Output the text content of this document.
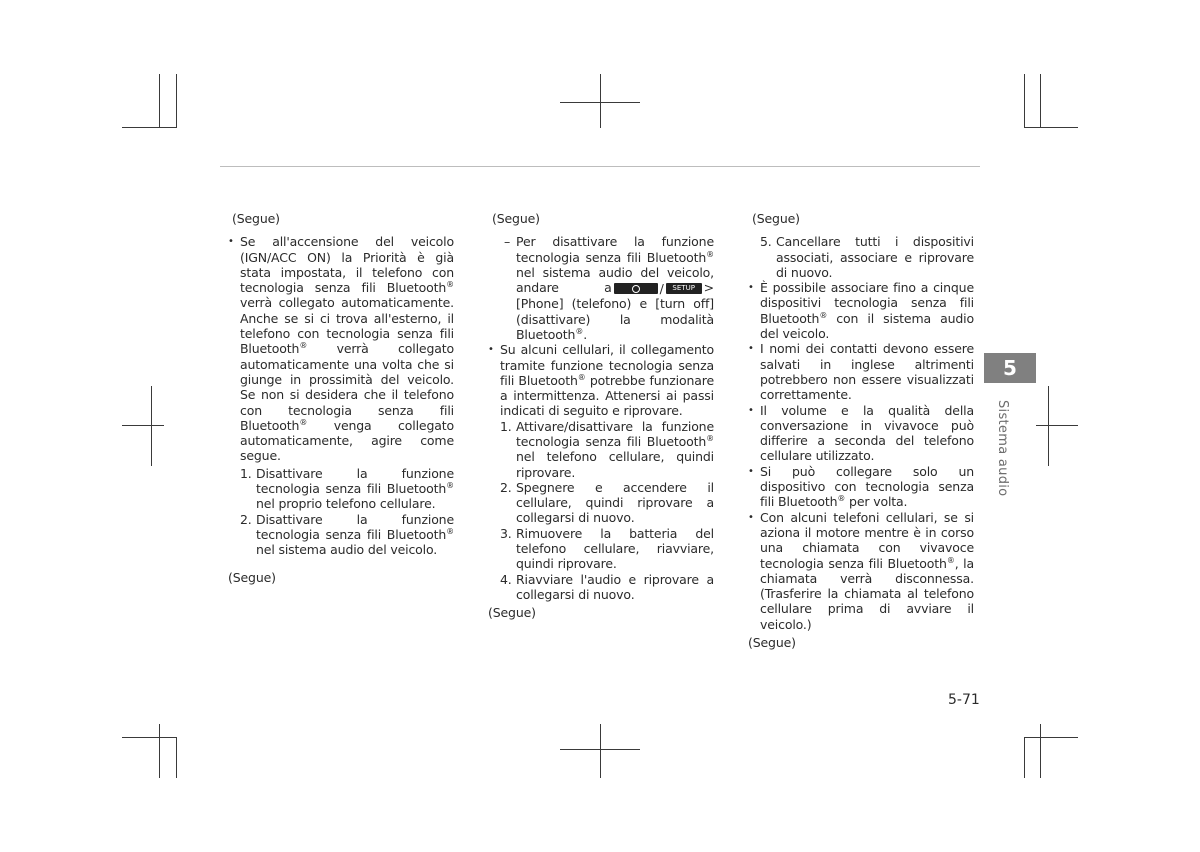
(Segue)

• Se all'accensione del veicolo (IGN/ACC ON) la Priorità è già stata impostata, il telefono con tecnologia senza fili Bluetooth® verrà collegato automaticamente. Anche se si ci trova all'esterno, il telefono con tecnologia senza fili Bluetooth® verrà collegato automaticamente una volta che si giunge in prossimità del veicolo. Se non si desidera che il telefono con tecnologia senza fili Bluetooth® venga collegato automaticamente, agire come segue.

1. Disattivare la funzione tecnologia senza fili Bluetooth® nel proprio telefono cellulare.

2. Disattivare la funzione tecnologia senza fili Bluetooth® nel sistema audio del veicolo.

(Segue)

(Segue)

– Per disattivare la funzione tecnologia senza fili Bluetooth® nel sistema audio del veicolo, andare a	/	SETUP > [Phone] (telefono) e [turn off] (disattivare) la modalità Bluetooth®.

• Su alcuni cellulari, il collegamento tramite funzione tecnologia senza fili Bluetooth® potrebbe funzionare a intermittenza. Attenersi ai passi indicati di seguito e riprovare.

1. Attivare/disattivare la funzione tecnologia senza fili Bluetooth® nel telefono cellulare, quindi riprovare.

2. Spegnere e accendere il cellulare, quindi riprovare a collegarsi di nuovo.

3. Rimuovere la batteria del telefono cellulare, riavviare, quindi riprovare.

4. Riavviare l'audio e riprovare a collegarsi di nuovo.

(Segue)

(Segue)

5. Cancellare tutti i dispositivi associati, associare e riprovare di nuovo.

• È possibile associare fino a cinque dispositivi tecnologia senza fili Bluetooth® con il sistema audio del veicolo.

• I nomi dei contatti devono essere salvati in inglese altrimenti potrebbero non essere visualizzati correttamente.

• Il volume e la qualità della conversazione in vivavoce può differire a seconda del telefono cellulare utilizzato.

• Si può collegare solo un dispositivo con tecnologia senza fili Bluetooth® per volta.

• Con alcuni telefoni cellulari, se si aziona il motore mentre è in corso una chiamata con vivavoce tecnologia senza fili Bluetooth®, la chiamata verrà disconnessa. (Trasferire la chiamata al telefono cellulare prima di avviare il veicolo.)

(Segue)

5
Sistema audio
5-71
